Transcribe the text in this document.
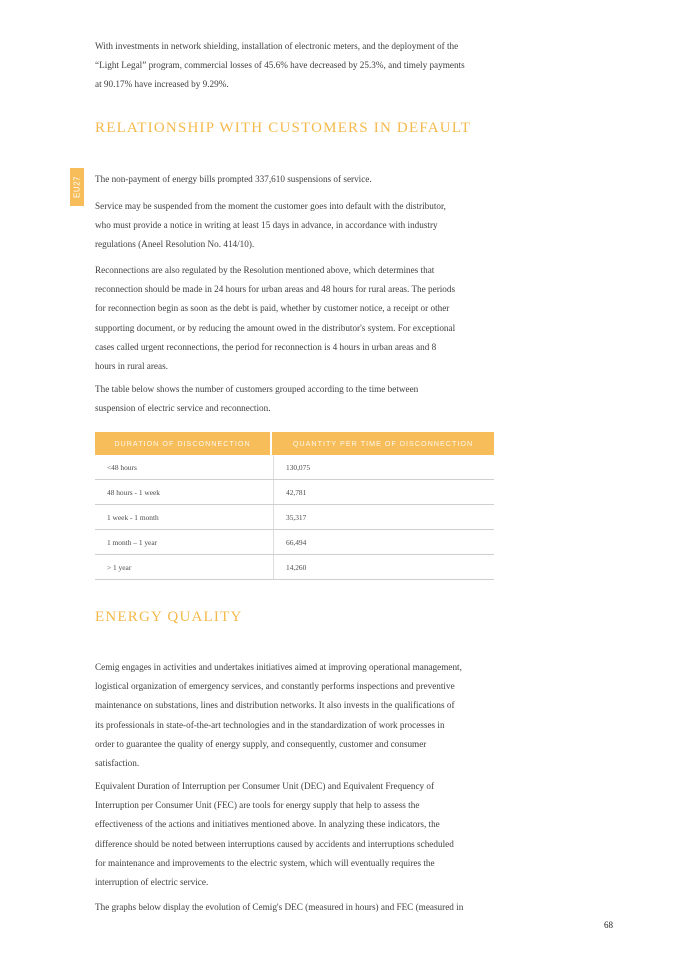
With investments in network shielding, installation of electronic meters, and the deployment of the
“Light Legal” program, commercial losses of 45.6% have decreased by 25.3%, and timely payments
at 90.17% have increased by 9.29%.

RELATIONSHIP WITH CUSTOMERS IN DEFAULT
EU27 The non-payment of energy bills prompted 337,610 suspensions of service.

Service may be suspended from the moment the customer goes into default with the distributor,
who must provide a notice in writing at least 15 days in advance, in accordance with industry
regulations (Aneel Resolution No. 414/10).

Reconnections are also regulated by the Resolution mentioned above, which determines that
reconnection should be made in 24 hours for urban areas and 48 hours for rural areas. The periods
for reconnection begin as soon as the debt is paid, whether by customer notice, a receipt or other
supporting document, or by reducing the amount owed in the distributor's system. For exceptional
cases called urgent reconnections, the period for reconnection is 4 hours in urban areas and 8
hours in rural areas.

The table below shows the number of customers grouped according to the time between
suspension of electric service and reconnection.

DURATION OF DISCONNECTION	QUANTITY PER TIME OF DISCONNECTION
<48 hours	130,075
48 hours - 1 week	42,781
1 week - 1 month	35,317
1 month – 1 year	66,494
> 1 year	14,260
ENERGY QUALITY

Cemig engages in activities and undertakes initiatives aimed at improving operational management,
logistical organization of emergency services, and constantly performs inspections and preventive
maintenance on substations, lines and distribution networks. It also invests in the qualifications of
its professionals in state-of-the-art technologies and in the standardization of work processes in
order to guarantee the quality of energy supply, and consequently, customer and consumer
satisfaction.

Equivalent Duration of Interruption per Consumer Unit (DEC) and Equivalent Frequency of
Interruption per Consumer Unit (FEC) are tools for energy supply that help to assess the
effectiveness of the actions and initiatives mentioned above. In analyzing these indicators, the
difference should be noted between interruptions caused by accidents and interruptions scheduled
for maintenance and improvements to the electric system, which will eventually requires the
interruption of electric service.

The graphs below display the evolution of Cemig's DEC (measured in hours) and FEC (measured in

68
